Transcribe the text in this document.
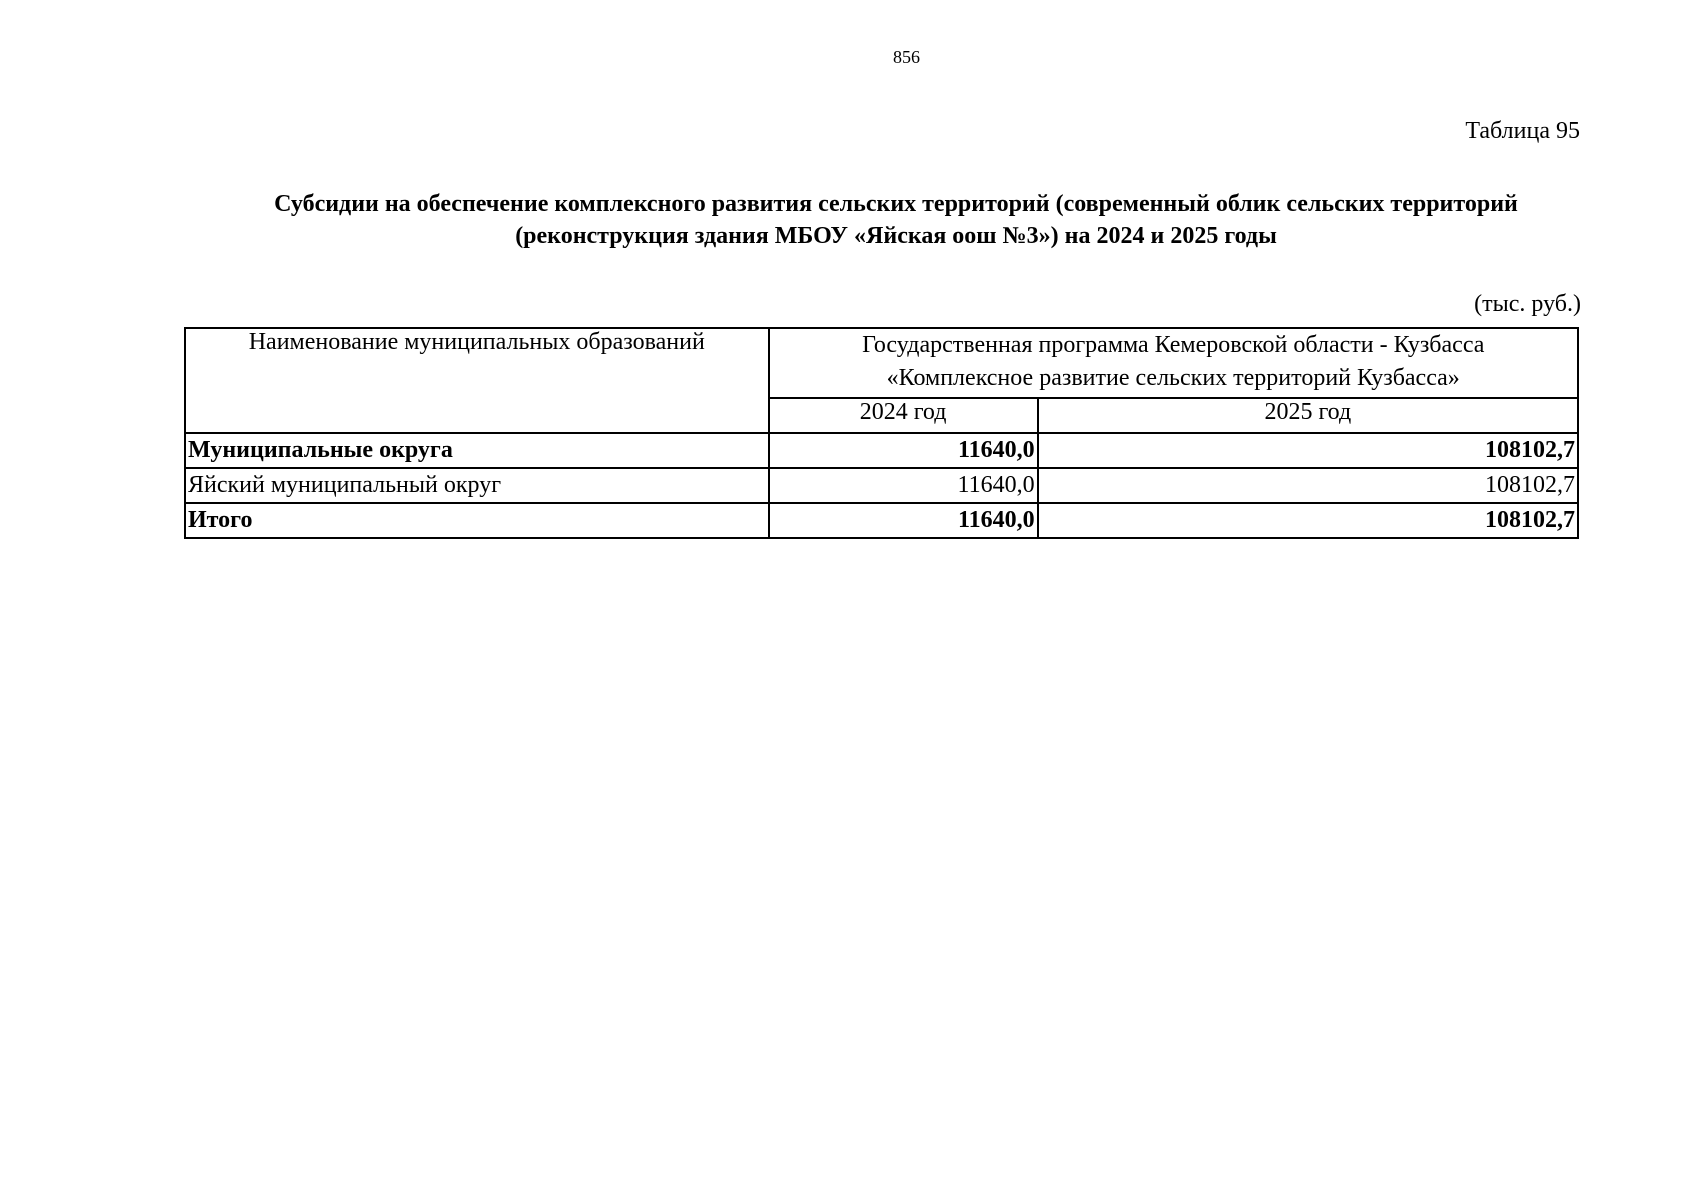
856
Таблица 95
Субсидии на обеспечение комплексного развития сельских территорий (современный облик сельских территорий
(реконструкция здания МБОУ «Яйская оош №3») на 2024 и 2025 годы
(тыс. руб.)
Наименование муниципальных образований	Государственная программа Кемеровской области - Кузбасса
«Комплексное развитие сельских территорий Кузбасса»	

	2024 год	2025 год
Муниципальные округа	11640,0	108102,7
Яйский муниципальный округ	11640,0	108102,7
Итого	11640,0	108102,7
